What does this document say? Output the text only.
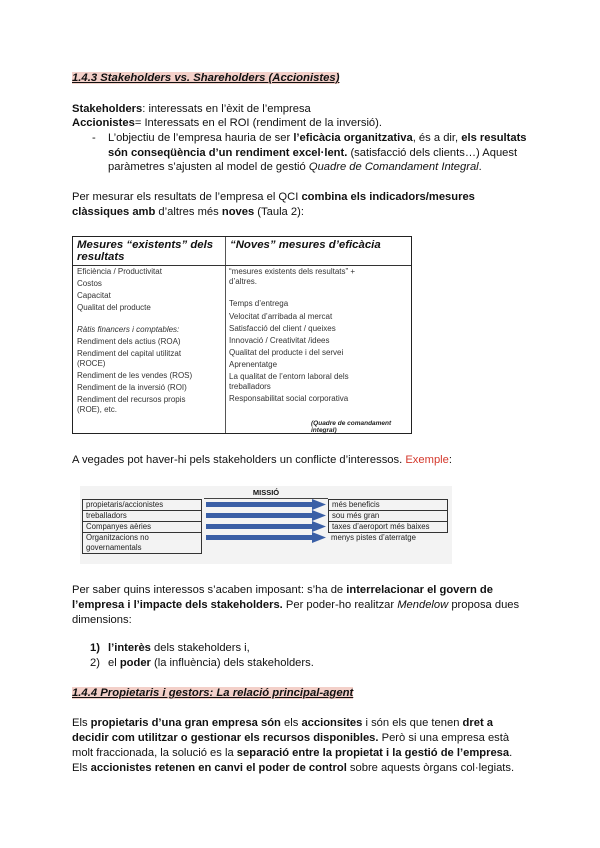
1.4.3 Stakeholders vs. Shareholders (Accionistes)
Stakeholders: interessats en l’èxit de l’empresa
Accionistes= Interessats en el ROI (rendiment de la inversió).
- L’objectiu de l’empresa hauria de ser l’eficàcia organitzativa, és a dir, els resultats
són conseqüència d’un rendiment excel·lent. (satisfacció dels clients…) Aquest
paràmetres s’ajusten al model de gestió Quadre de Comandament Integral.
Per mesurar els resultats de l’empresa el QCI combina els indicadors/mesures
clàssiques amb d’altres més noves (Taula 2):
Mesures “existents” dels resultats
“Noves” mesures d’eficàcia
Eficiència / Productivitat
Costos
Capacitat
Qualitat del producte
Ràtis financers i comptables:
Rendiment dels actius (ROA)
Rendiment del capital utilitzat
(ROCE)
Rendiment de les vendes (ROS)
Rendiment de la inversió (ROI)
Rendiment del recursos propis
(ROE), etc.
“mesures existents dels resultats” +
d’altres.
Temps d’entrega
Velocitat d’arribada al mercat
Satisfacció del client / queixes
Innovació / Creativitat /idees
Qualitat del producte i del servei
Aprenentatge
La qualitat de l’entorn laboral dels
treballadors
Responsabilitat social corporativa
(Quadre de comandament integral)
A vegades pot haver-hi pels stakeholders un conflicte d’interessos. Exemple:
MISSIÓ
propietaris/accionistes
treballadors
Companyes aèries
Organitzacions no governamentals
més beneficis
sou més gran
taxes d’aeroport més baixes
menys pistes d’aterratge
Per saber quins interessos s’acaben imposant: s’ha de interrelacionar el govern de
l’empresa i l’impacte dels stakeholders. Per poder-ho realitzar Mendelow proposa dues
dimensions:
1) l’interès dels stakeholders i,
2) el poder (la influència) dels stakeholders.
1.4.4 Propietaris i gestors: La relació principal-agent
Els propietaris d’una gran empresa són els accionsites i són els que tenen dret a
decidir com utilitzar o gestionar els recursos disponibles. Però si una empresa està
molt fraccionada, la solució es la separació entre la propietat i la gestió de l’empresa.
Els accionistes retenen en canvi el poder de control sobre aquests òrgans col·legiats.
